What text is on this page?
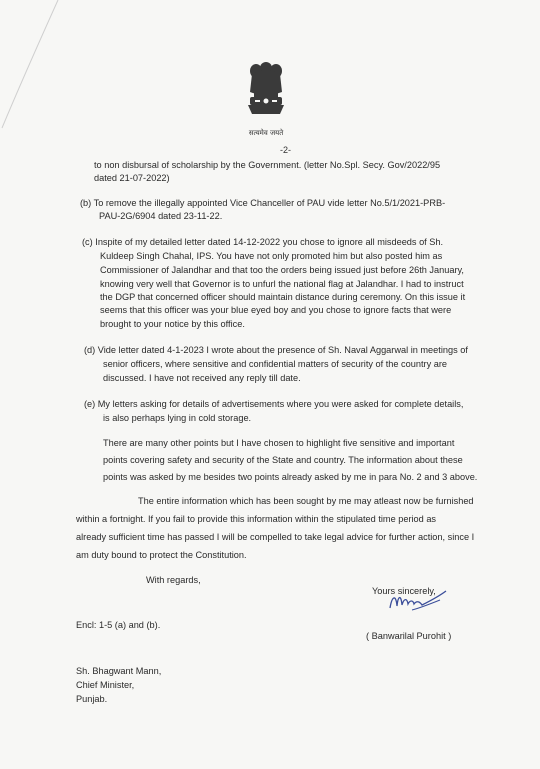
सत्यमेव जयते
-2-
to non disbursal of scholarship by the Government. (letter No.Spl. Secy. Gov/2022/95
dated 21-07-2022)
(b) To remove the illegally appointed Vice Chanceller of PAU vide letter No.5/1/2021-PRB-
PAU-2G/6904 dated 23-11-22.
(c) Inspite of my detailed letter dated 14-12-2022 you chose to ignore all misdeeds of Sh.
Kuldeep Singh Chahal, IPS. You have not only promoted him but also posted him as
Commissioner of Jalandhar and that too the orders being issued just before 26th January,
knowing very well that Governor is to unfurl the national flag at Jalandhar. I had to instruct
the DGP that concerned officer should maintain distance during ceremony. On this issue it
seems that this officer was your blue eyed boy and you chose to ignore facts that were
brought to your notice by this office.
(d) Vide letter dated 4-1-2023 I wrote about the presence of Sh. Naval Aggarwal in meetings of
senior officers, where sensitive and confidential matters of security of the country are
discussed. I have not received any reply till date.
(e) My letters asking for details of advertisements where you were asked for complete details,
is also perhaps lying in cold storage.
There are many other points but I have chosen to highlight five sensitive and important
points covering safety and security of the State and country. The information about these
points was asked by me besides two points already asked by me in para No. 2 and 3 above.
The entire information which has been sought by me may atleast now be furnished
within a fortnight. If you fail to provide this information within the stipulated time period as
already sufficient time has passed I will be compelled to take legal advice for further action, since I
am duty bound to protect the Constitution.
With regards,
Yours sincerely,
Encl: 1-5 (a) and (b).
( Banwarilal Purohit )
Sh. Bhagwant Mann,
Chief Minister,
Punjab.
